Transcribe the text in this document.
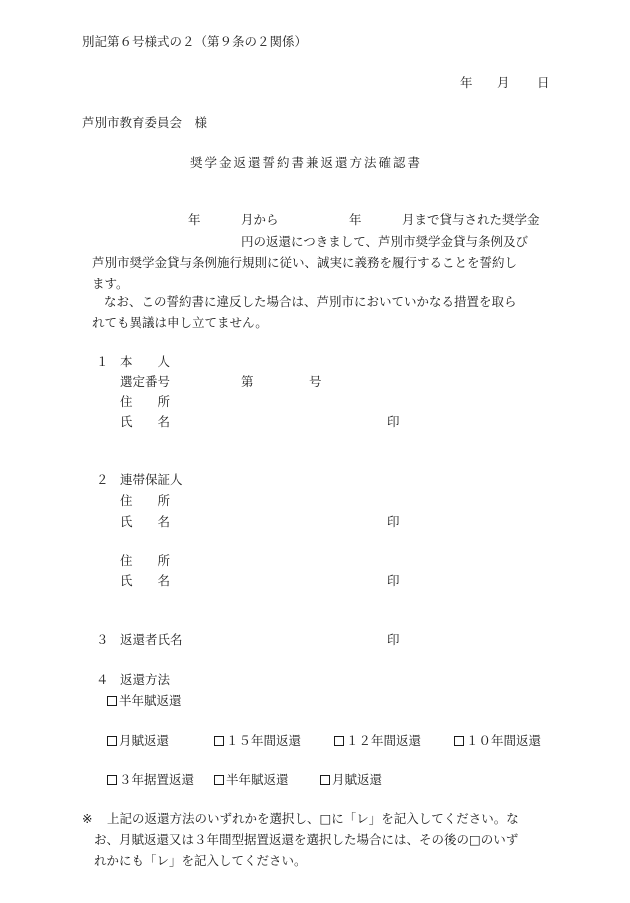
別記第６号様式の２（第９条の２関係）
年 月 日
芦別市教育委員会　様
奨学金返還誓約書兼返還方法確認書
年	月から	年	月まで貸与された奨学金
円の返還につきまして、芦別市奨学金貸与条例及び
芦別市奨学金貸与条例施行規則に従い、誠実に義務を履行することを誓約し
ます。
なお、この誓約書に違反した場合は、芦別市においていかなる措置を取ら
れても異議は申し立てません。
１ 本　　人
選定番号	第	号
住　　所
氏　　名	印
２ 連帯保証人
住　　所
氏　　名	印
住　　所
氏　　名	印
３ 返還者氏名	印
４ 返還方法
半年賦返還
月賦返還	１５年間返還	１２年間返還	１０年間返還
３年据置返還	半年賦返還	月賦返還
※ 上記の返還方法のいずれかを選択し、□に「レ」を記入してください。な
お、月賦返還又は３年間型据置返還を選択した場合には、その後の□のいず
れかにも「レ」を記入してください。
